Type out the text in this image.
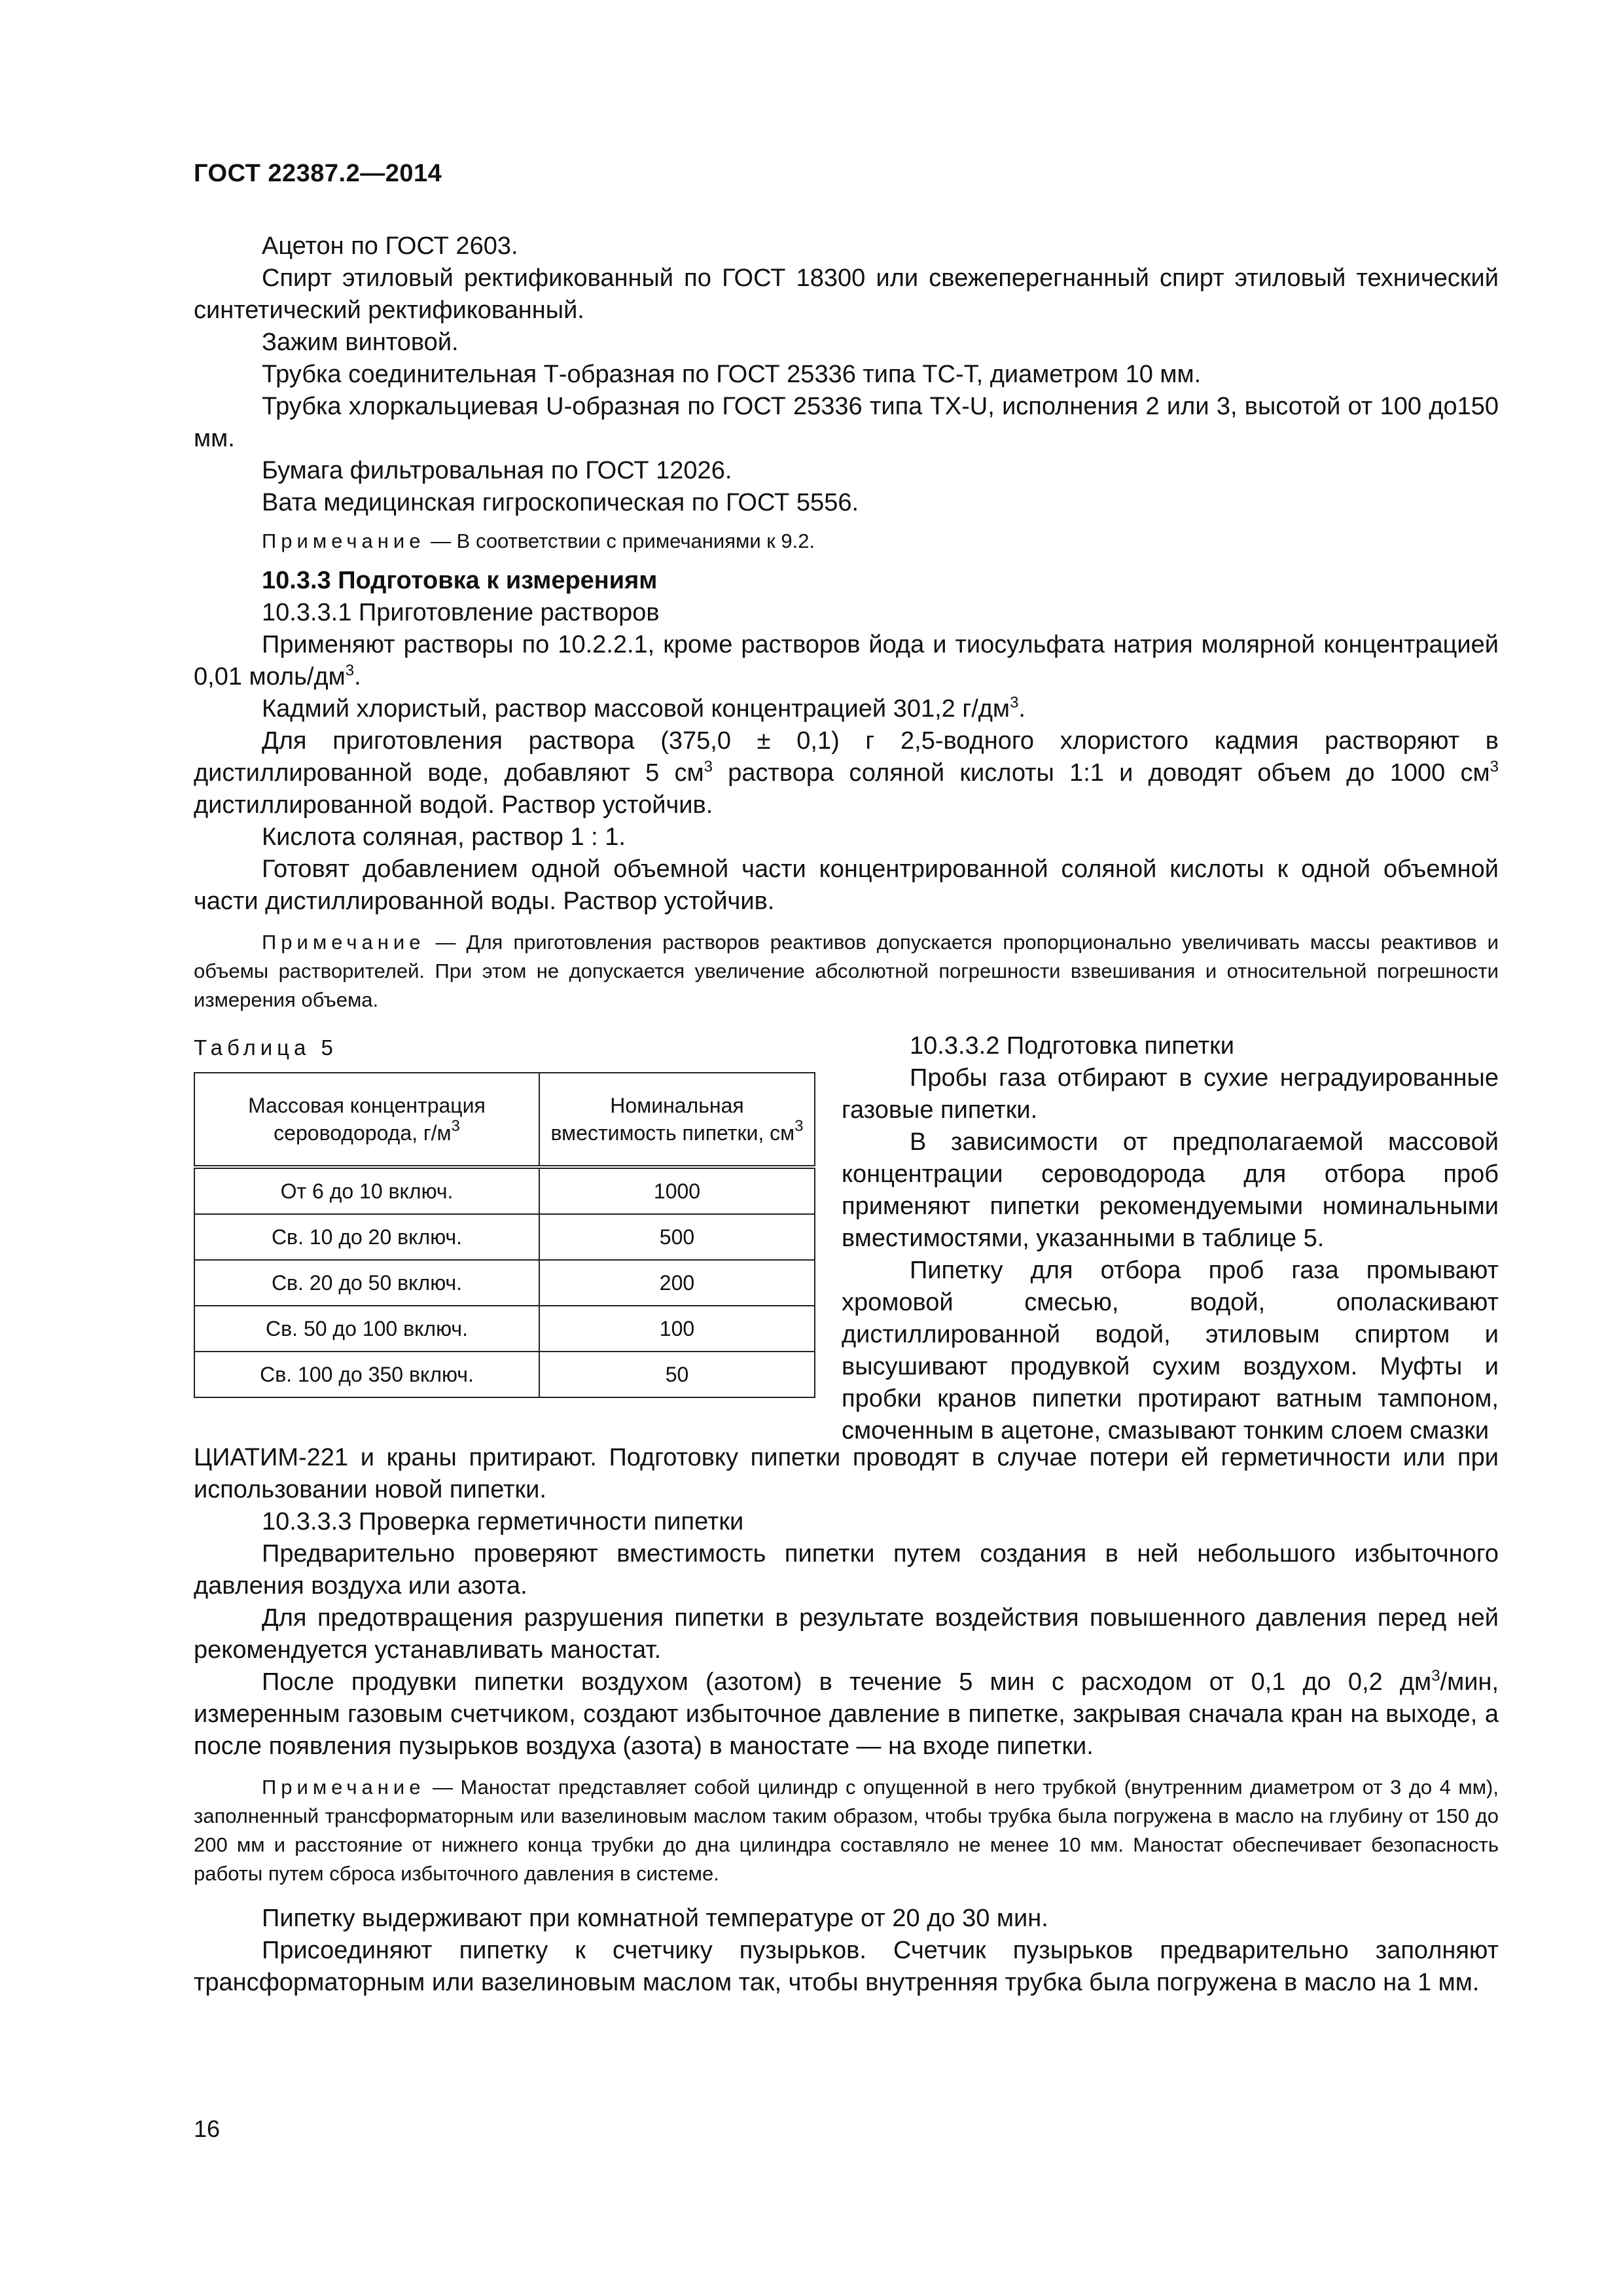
ГОСТ 22387.2—2014

Ацетон по ГОСТ 2603.

Спирт этиловый ректификованный по ГОСТ 18300 или свежеперегнанный спирт этиловый технический синтетический ректификованный.

Зажим винтовой.

Трубка соединительная Т-образная по ГОСТ 25336 типа ТС-Т, диаметром 10 мм.

Трубка хлоркальциевая U-образная по ГОСТ 25336 типа ТХ-U, исполнения 2 или 3, высотой от 100 до150 мм.

Бумага фильтровальная по ГОСТ 12026.

Вата медицинская гигроскопическая по ГОСТ 5556.

Примечание — В соответствии с примечаниями к 9.2.

10.3.3 Подготовка к измерениям

10.3.3.1 Приготовление растворов

Применяют растворы по 10.2.2.1, кроме растворов йода и тиосульфата натрия молярной концентрацией 0,01 моль/$дм^3$.

Кадмий хлористый, раствор массовой концентрацией 301,2 $г/дм^3$.

Для приготовления раствора (375,0 ± 0,1) г 2,5-водного хлористого кадмия растворяют в дистиллированной воде, добавляют 5 $см^3$ раствора соляной кислоты 1:1 и доводят объем до 1000 $см^3$ дистиллированной водой. Раствор устойчив.

Кислота соляная, раствор 1 : 1.

Готовят добавлением одной объемной части концентрированной соляной кислоты к одной объемной части дистиллированной воды. Раствор устойчив.

Примечание — Для приготовления растворов реактивов допускается пропорционально увеличивать массы реактивов и объемы растворителей. При этом не допускается увеличение абсолютной погрешности взвешивания и относительной погрешности измерения объема.

Таблица 5
Массовая концентрация сероводорода, $г/м^3$	Номинальная вместимость пипетки, $см^3$
От 6 до 10 включ.	1000
Св. 10 до 20 включ.	500
Св. 20 до 50 включ.	200
Св. 50 до 100 включ.	100
Св. 100 до 350 включ.	50

10.3.3.2 Подготовка пипетки

Пробы газа отбирают в сухие неградуированные газовые пипетки.

В зависимости от предполагаемой массовой концентрации сероводорода для отбора проб применяют пипетки рекомендуемыми номинальными вместимостями, указанными в таблице 5.

Пипетку для отбора проб газа промывают хромовой смесью, водой, ополаскивают дистиллированной водой, этиловым спиртом и высушивают продувкой сухим воздухом. Муфты и пробки кранов пипетки протирают ватным тампоном, смоченным в ацетоне, смазывают тонким слоем смазки

ЦИАТИМ-221 и краны притирают. Подготовку пипетки проводят в случае потери ей герметичности или при использовании новой пипетки.

10.3.3.3 Проверка герметичности пипетки

Предварительно проверяют вместимость пипетки путем создания в ней небольшого избыточного давления воздуха или азота.

Для предотвращения разрушения пипетки в результате воздействия повышенного давления перед ней рекомендуется устанавливать маностат.

После продувки пипетки воздухом (азотом) в течение 5 мин с расходом от 0,1 до 0,2 $дм^3$/мин, измеренным газовым счетчиком, создают избыточное давление в пипетке, закрывая сначала кран на выходе, а после появления пузырьков воздуха (азота) в маностате — на входе пипетки.

Примечание — Маностат представляет собой цилиндр с опущенной в него трубкой (внутренним диаметром от 3 до 4 мм), заполненный трансформаторным или вазелиновым маслом таким образом, чтобы трубка была погружена в масло на глубину от 150 до 200 мм и расстояние от нижнего конца трубки до дна цилиндра составляло не менее 10 мм. Маностат обеспечивает безопасность работы путем сброса избыточного давления в системе.

Пипетку выдерживают при комнатной температуре от 20 до 30 мин.

Присоединяют пипетку к счетчику пузырьков. Счетчик пузырьков предварительно заполняют трансформаторным или вазелиновым маслом так, чтобы внутренняя трубка была погружена в масло на 1 мм.

16
